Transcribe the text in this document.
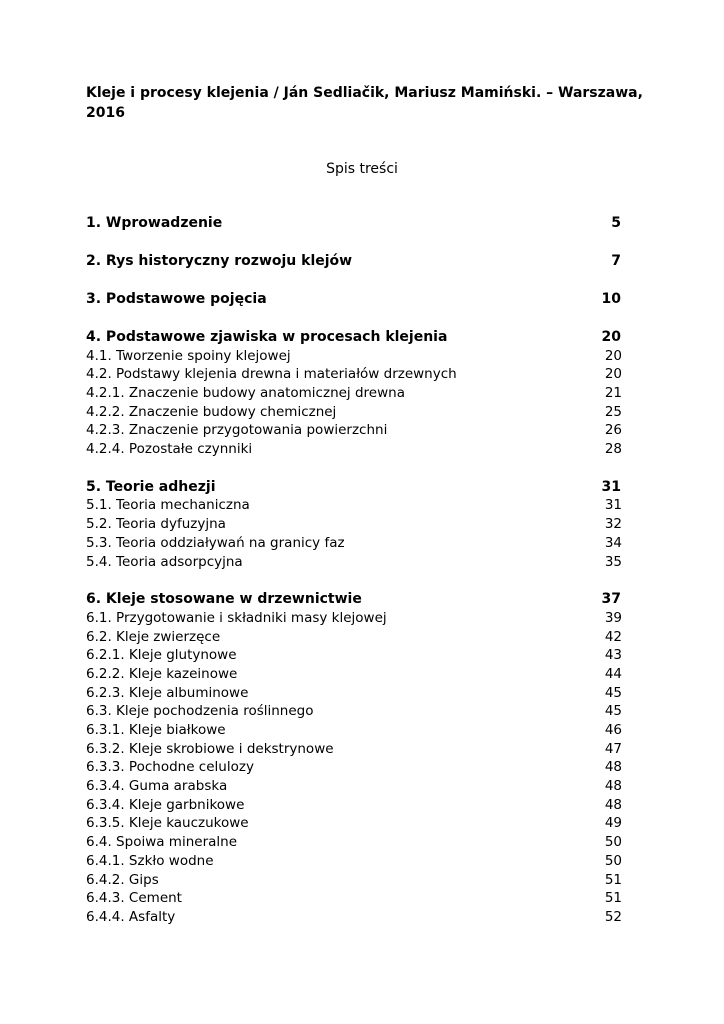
Kleje i procesy klejenia / Ján Sedliačik, Mariusz Mamiński. – Warszawa, 2016
Spis treści
1. Wprowadzenie	5
2. Rys historyczny rozwoju klejów	7
3. Podstawowe pojęcia	10
4. Podstawowe zjawiska w procesach klejenia	20
4.1. Tworzenie spoiny klejowej	20
4.2. Podstawy klejenia drewna i materiałów drzewnych	20
4.2.1. Znaczenie budowy anatomicznej drewna	21
4.2.2. Znaczenie budowy chemicznej	25
4.2.3. Znaczenie przygotowania powierzchni	26
4.2.4. Pozostałe czynniki	28
5. Teorie adhezji	31
5.1. Teoria mechaniczna	31
5.2. Teoria dyfuzyjna	32
5.3. Teoria oddziaływań na granicy faz	34
5.4. Teoria adsorpcyjna	35
6. Kleje stosowane w drzewnictwie	37
6.1. Przygotowanie i składniki masy klejowej	39
6.2. Kleje zwierzęce	42
6.2.1. Kleje glutynowe	43
6.2.2. Kleje kazeinowe	44
6.2.3. Kleje albuminowe	45
6.3. Kleje pochodzenia roślinnego	45
6.3.1. Kleje białkowe	46
6.3.2. Kleje skrobiowe i dekstrynowe	47
6.3.3. Pochodne celulozy	48
6.3.4. Guma arabska	48
6.3.4. Kleje garbnikowe	48
6.3.5. Kleje kauczukowe	49
6.4. Spoiwa mineralne	50
6.4.1. Szkło wodne	50
6.4.2. Gips	51
6.4.3. Cement	51
6.4.4. Asfalty	52
